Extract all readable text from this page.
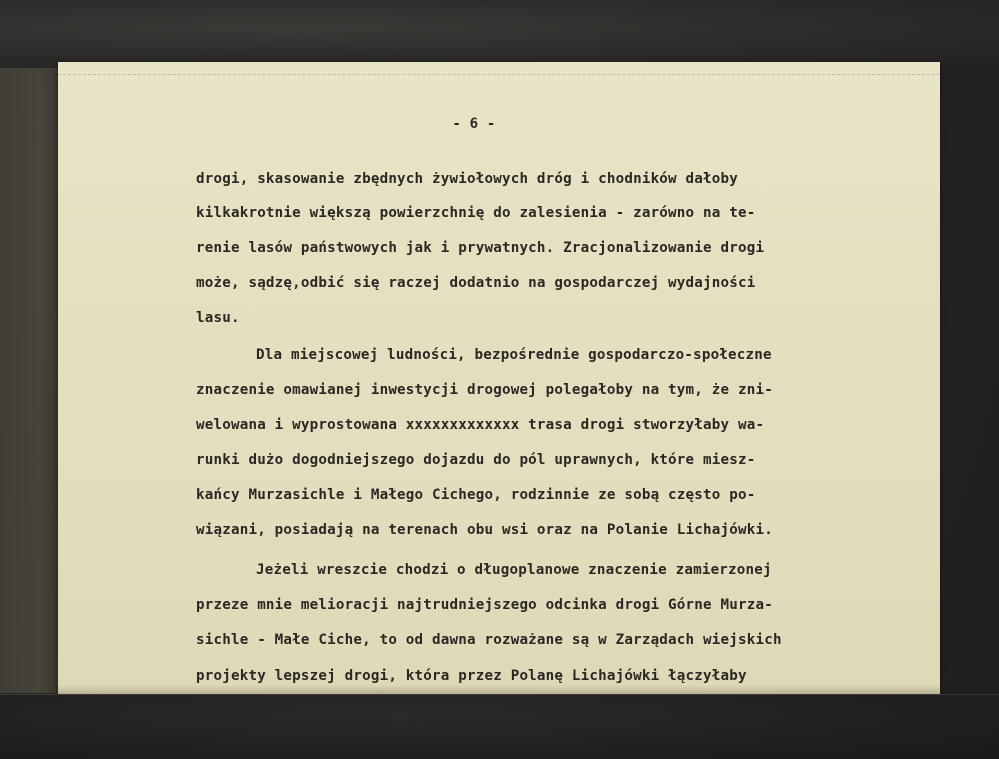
- 6 -
drogi, skasowanie zbędnych żywiołowych dróg i chodników dałoby
kilkakrotnie większą powierzchnię do zalesienia - zarówno na te-
renie lasów państwowych jak i prywatnych. Zracjonalizowanie drogi
może, sądzę,odbić się raczej dodatnio na gospodarczej wydajności
lasu.
Dla miejscowej ludności, bezpośrednie gospodarczo-społeczne
znaczenie omawianej inwestycji drogowej polegałoby na tym, że zni-
welowana i wyprostowana xxxxxxxxxxxxx trasa drogi stworzyłaby wa-
runki dużo dogodniejszego dojazdu do pól uprawnych, które miesz-
kańcy Murzasichle i Małego Cichego, rodzinnie ze sobą często po-
wiązani, posiadają na terenach obu wsi oraz na Polanie Lichajówki.
Jeżeli wreszcie chodzi o długoplanowe znaczenie zamierzonej
przeze mnie melioracji najtrudniejszego odcinka drogi Górne Murza-
sichle - Małe Ciche, to od dawna rozważane są w Zarządach wiejskich
projekty lepszej drogi, która przez Polanę Lichajówki łączyłaby
